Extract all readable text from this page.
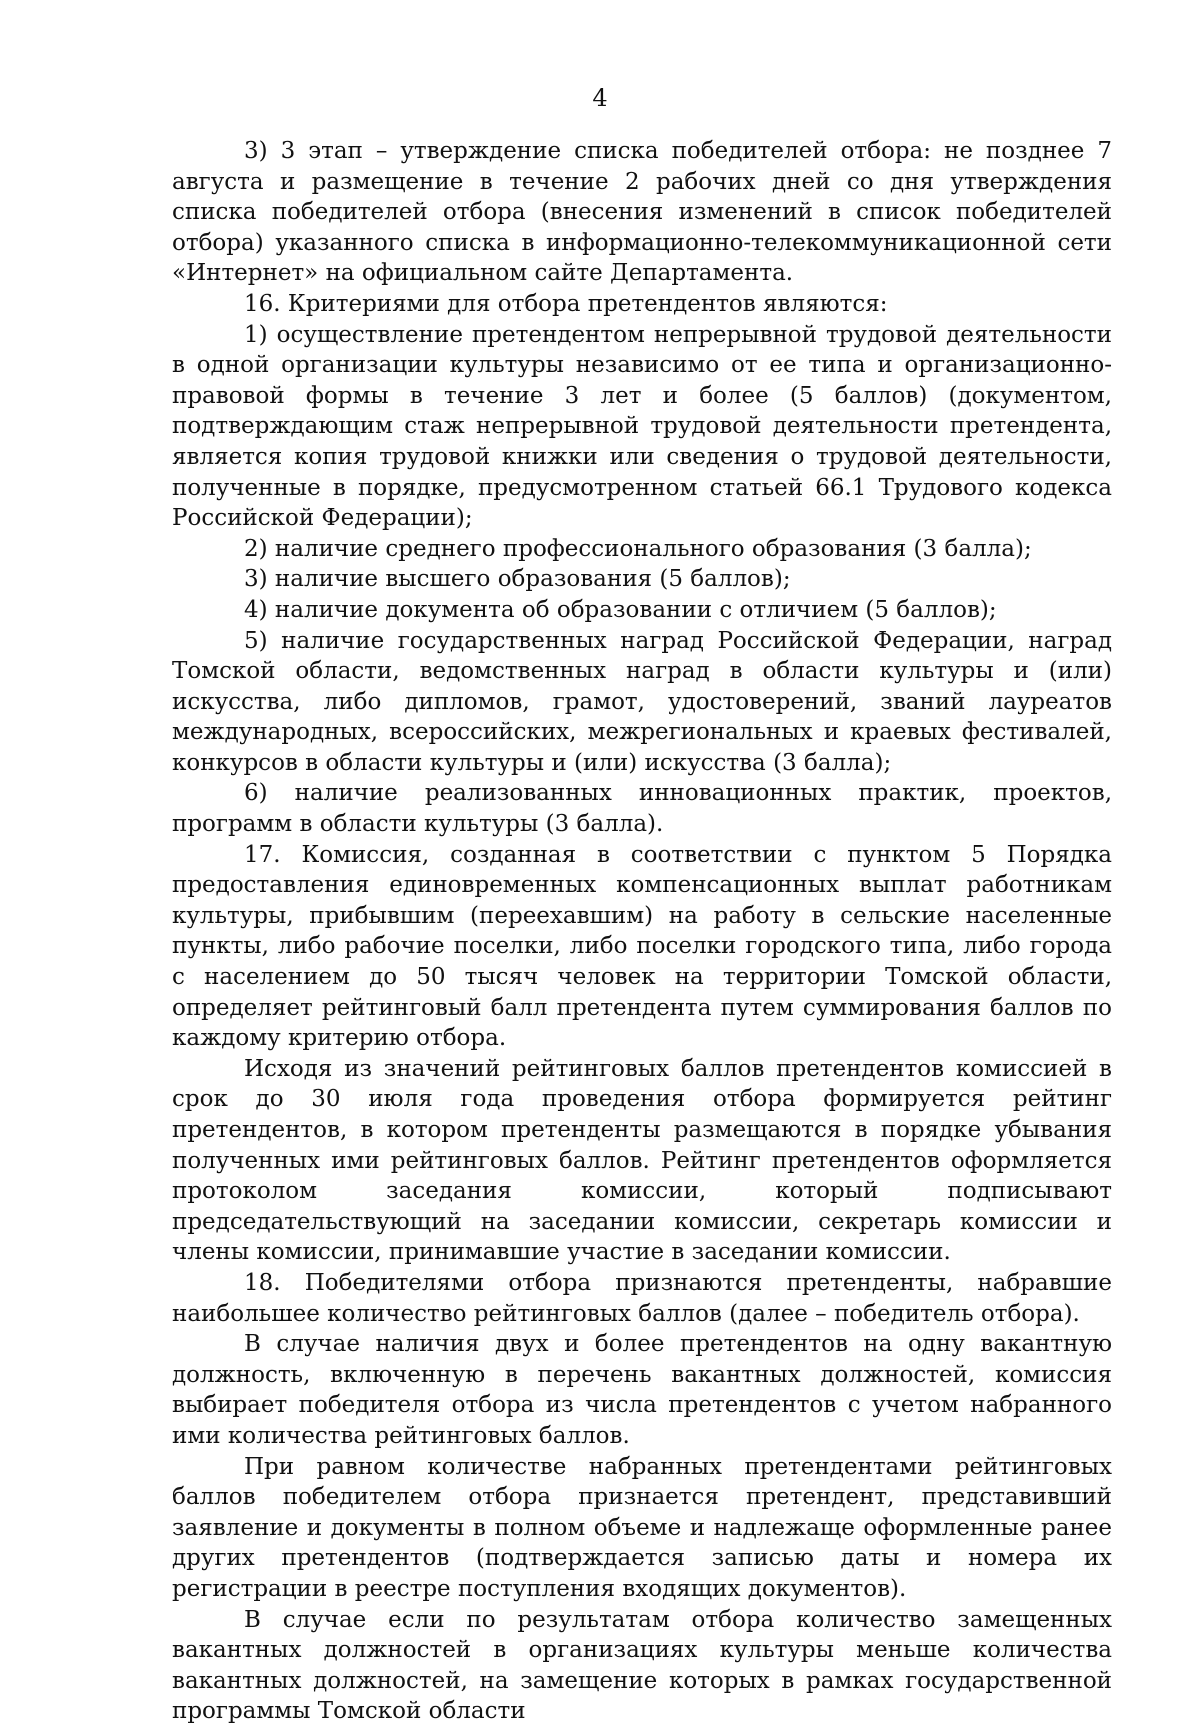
4

3) 3 этап – утверждение списка победителей отбора: не позднее 7 августа и размещение в течение 2 рабочих дней со дня утверждения списка победителей отбора (внесения изменений в список победителей отбора) указанного списка в информационно-телекоммуникационной сети «Интернет» на официальном сайте Департамента.

16. Критериями для отбора претендентов являются:

1) осуществление претендентом непрерывной трудовой деятельности в одной организации культуры независимо от ее типа и организационно-правовой формы в течение 3 лет и более (5 баллов) (документом, подтверждающим стаж непрерывной трудовой деятельности претендента, является копия трудовой книжки или сведения о трудовой деятельности, полученные в порядке, предусмотренном статьей 66.1 Трудового кодекса Российской Федерации);

2) наличие среднего профессионального образования (3 балла);

3) наличие высшего образования (5 баллов);

4) наличие документа об образовании с отличием (5 баллов);

5) наличие государственных наград Российской Федерации, наград Томской области, ведомственных наград в области культуры и (или) искусства, либо дипломов, грамот, удостоверений, званий лауреатов международных, всероссийских, межрегиональных и краевых фестивалей, конкурсов в области культуры и (или) искусства (3 балла);

6) наличие реализованных инновационных практик, проектов, программ в области культуры (3 балла).

17. Комиссия, созданная в соответствии с пунктом 5 Порядка предоставления единовременных компенсационных выплат работникам культуры, прибывшим (переехавшим) на работу в сельские населенные пункты, либо рабочие поселки, либо поселки городского типа, либо города с населением до 50 тысяч человек на территории Томской области, определяет рейтинговый балл претендента путем суммирования баллов по каждому критерию отбора.

Исходя из значений рейтинговых баллов претендентов комиссией в срок до 30 июля года проведения отбора формируется рейтинг претендентов, в котором претенденты размещаются в порядке убывания полученных ими рейтинговых баллов. Рейтинг претендентов оформляется протоколом заседания комиссии, который подписывают председательствующий на заседании комиссии, секретарь комиссии и члены комиссии, принимавшие участие в заседании комиссии.

18. Победителями отбора признаются претенденты, набравшие наибольшее количество рейтинговых баллов (далее – победитель отбора).

В случае наличия двух и более претендентов на одну вакантную должность, включенную в перечень вакантных должностей, комиссия выбирает победителя отбора из числа претендентов с учетом набранного ими количества рейтинговых баллов.

При равном количестве набранных претендентами рейтинговых баллов победителем отбора признается претендент, представивший заявление и документы в полном объеме и надлежаще оформленные ранее других претендентов (подтверждается записью даты и номера их регистрации в реестре поступления входящих документов).

В случае если по результатам отбора количество замещенных вакантных должностей в организациях культуры меньше количества вакантных должностей, на замещение которых в рамках государственной программы Томской области
